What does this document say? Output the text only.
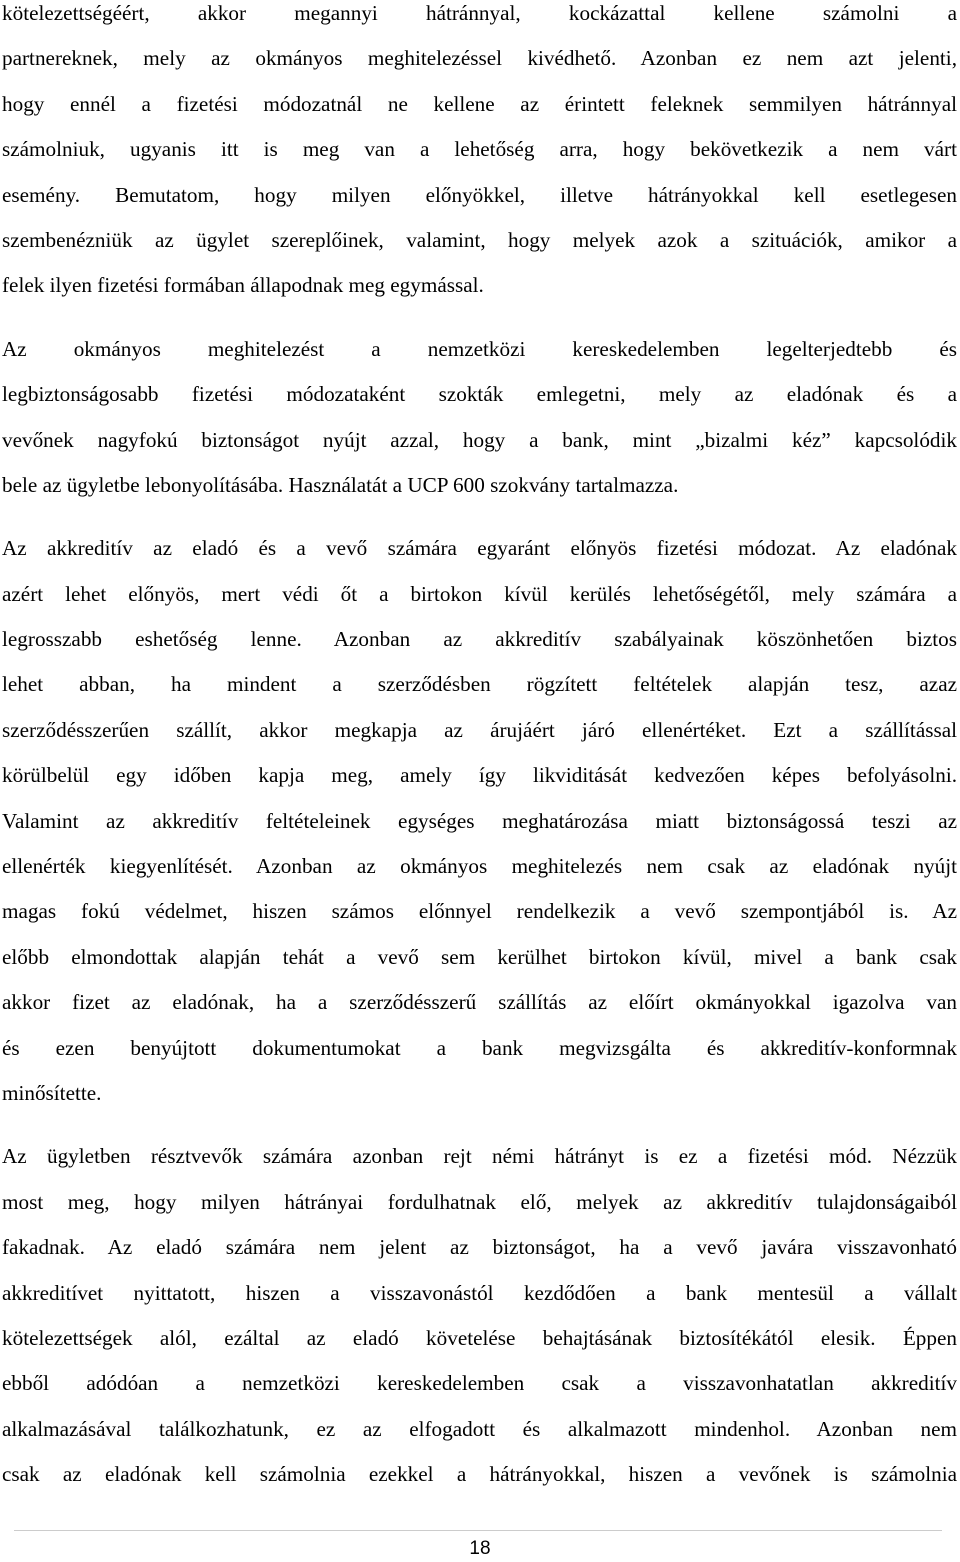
kötelezettségéért, akkor megannyi hátránnyal, kockázattal kellene számolni a
partnereknek, mely az okmányos meghitelezéssel kivédhető. Azonban ez nem azt jelenti,
hogy ennél a fizetési módozatnál ne kellene az érintett feleknek semmilyen hátránnyal
számolniuk, ugyanis itt is meg van a lehetőség arra, hogy bekövetkezik a nem várt
esemény. Bemutatom, hogy milyen előnyökkel, illetve hátrányokkal kell esetlegesen
szembenézniük az ügylet szereplőinek, valamint, hogy melyek azok a szituációk, amikor a
felek ilyen fizetési formában állapodnak meg egymással.
Az okmányos meghitelezést a nemzetközi kereskedelemben legelterjedtebb és
legbiztonságosabb fizetési módozataként szokták emlegetni, mely az eladónak és a
vevőnek nagyfokú biztonságot nyújt azzal, hogy a bank, mint „bizalmi kéz” kapcsolódik
bele az ügyletbe lebonyolításába. Használatát a UCP 600 szokvány tartalmazza.
Az akkreditív az eladó és a vevő számára egyaránt előnyös fizetési módozat. Az eladónak
azért lehet előnyös, mert védi őt a birtokon kívül kerülés lehetőségétől, mely számára a
legrosszabb eshetőség lenne. Azonban az akkreditív szabályainak köszönhetően biztos
lehet abban, ha mindent a szerződésben rögzített feltételek alapján tesz, azaz
szerződésszerűen szállít, akkor megkapja az árujáért járó ellenértéket. Ezt a szállítással
körülbelül egy időben kapja meg, amely így likviditását kedvezően képes befolyásolni.
Valamint az akkreditív feltételeinek egységes meghatározása miatt biztonságossá teszi az
ellenérték kiegyenlítését. Azonban az okmányos meghitelezés nem csak az eladónak nyújt
magas fokú védelmet, hiszen számos előnnyel rendelkezik a vevő szempontjából is. Az
előbb elmondottak alapján tehát a vevő sem kerülhet birtokon kívül, mivel a bank csak
akkor fizet az eladónak, ha a szerződésszerű szállítás az előírt okmányokkal igazolva van
és ezen benyújtott dokumentumokat a bank megvizsgálta és akkreditív-konformnak
minősítette.
Az ügyletben résztvevők számára azonban rejt némi hátrányt is ez a fizetési mód. Nézzük
most meg, hogy milyen hátrányai fordulhatnak elő, melyek az akkreditív tulajdonságaiból
fakadnak. Az eladó számára nem jelent az biztonságot, ha a vevő javára visszavonható
akkreditívet nyittatott, hiszen a visszavonástól kezdődően a bank mentesül a vállalt
kötelezettségek alól, ezáltal az eladó követelése behajtásának biztosítékától elesik. Éppen
ebből adódóan a nemzetközi kereskedelemben csak a visszavonhatatlan akkreditív
alkalmazásával találkozhatunk, ez az elfogadott és alkalmazott mindenhol. Azonban nem
csak az eladónak kell számolnia ezekkel a hátrányokkal, hiszen a vevőnek is számolnia
18
